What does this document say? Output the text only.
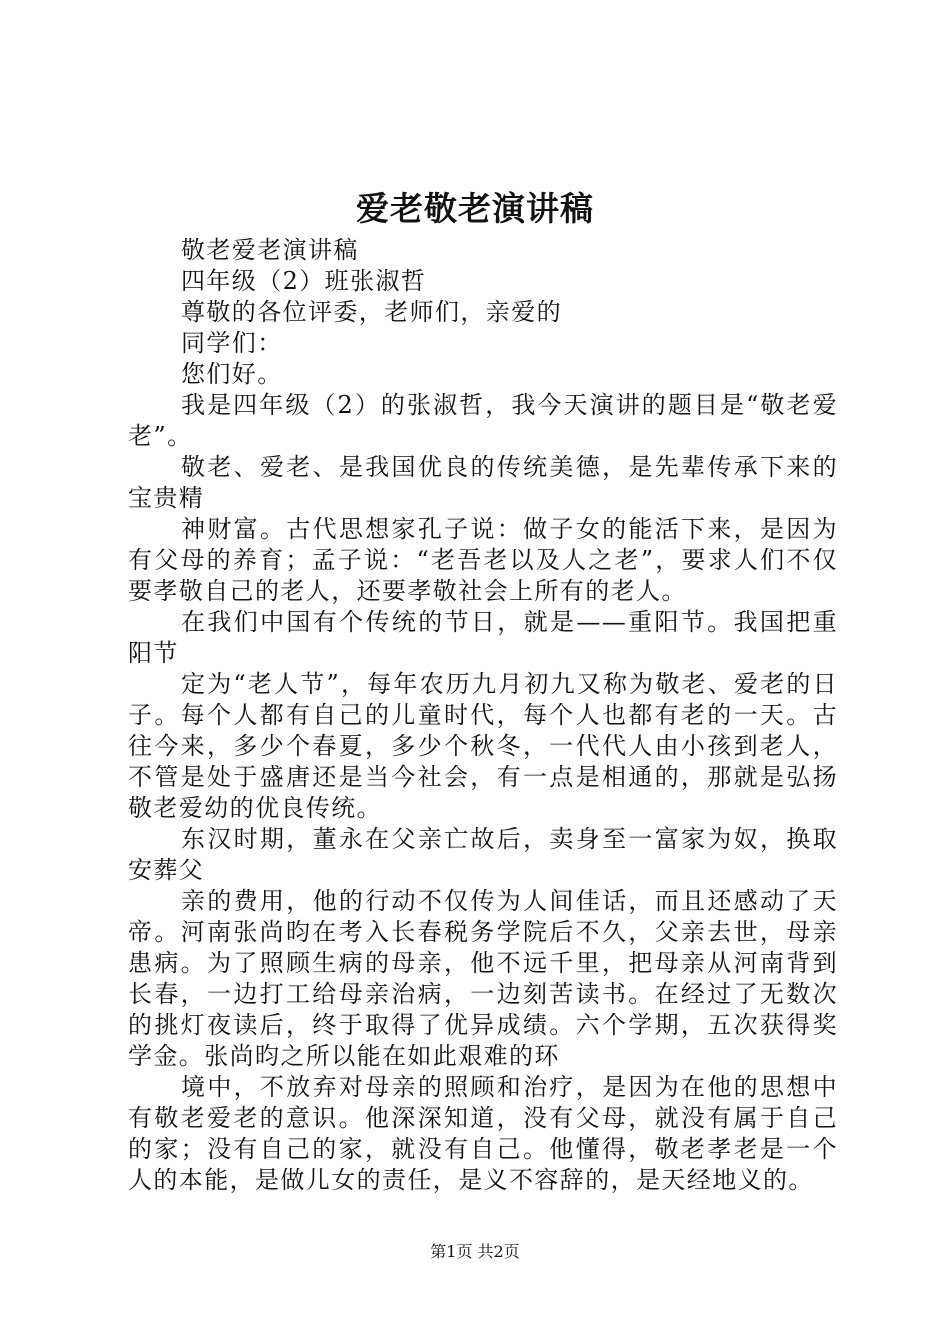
爱老敬老演讲稿

敬老爱老演讲稿

四年级（2）班张淑哲

尊敬的各位评委，老师们，亲爱的

同学们：

您们好。

我是四年级（2）的张淑哲，我今天演讲的题目是“敬老爱老”。

敬老、爱老、是我国优良的传统美德，是先辈传承下来的宝贵精

神财富。古代思想家孔子说：做子女的能活下来，是因为有父母的养育；孟子说：“老吾老以及人之老”，要求人们不仅要孝敬自己的老人，还要孝敬社会上所有的老人。

在我们中国有个传统的节日，就是——重阳节。我国把重阳节

定为“老人节”，每年农历九月初九又称为敬老、爱老的日子。每个人都有自己的儿童时代，每个人也都有老的一天。古往今来，多少个春夏，多少个秋冬，一代代人由小孩到老人，不管是处于盛唐还是当今社会，有一点是相通的，那就是弘扬敬老爱幼的优良传统。

东汉时期，董永在父亲亡故后，卖身至一富家为奴，换取安葬父

亲的费用，他的行动不仅传为人间佳话，而且还感动了天帝。河南张尚昀在考入长春税务学院后不久，父亲去世，母亲患病。为了照顾生病的母亲，他不远千里，把母亲从河南背到长春，一边打工给母亲治病，一边刻苦读书。在经过了无数次的挑灯夜读后，终于取得了优异成绩。六个学期，五次获得奖学金。张尚昀之所以能在如此艰难的环

境中，不放弃对母亲的照顾和治疗，是因为在他的思想中有敬老爱老的意识。他深深知道，没有父母，就没有属于自己的家；没有自己的家，就没有自己。他懂得，敬老孝老是一个人的本能，是做儿女的责任，是义不容辞的，是天经地义的。

第1页 共2页
